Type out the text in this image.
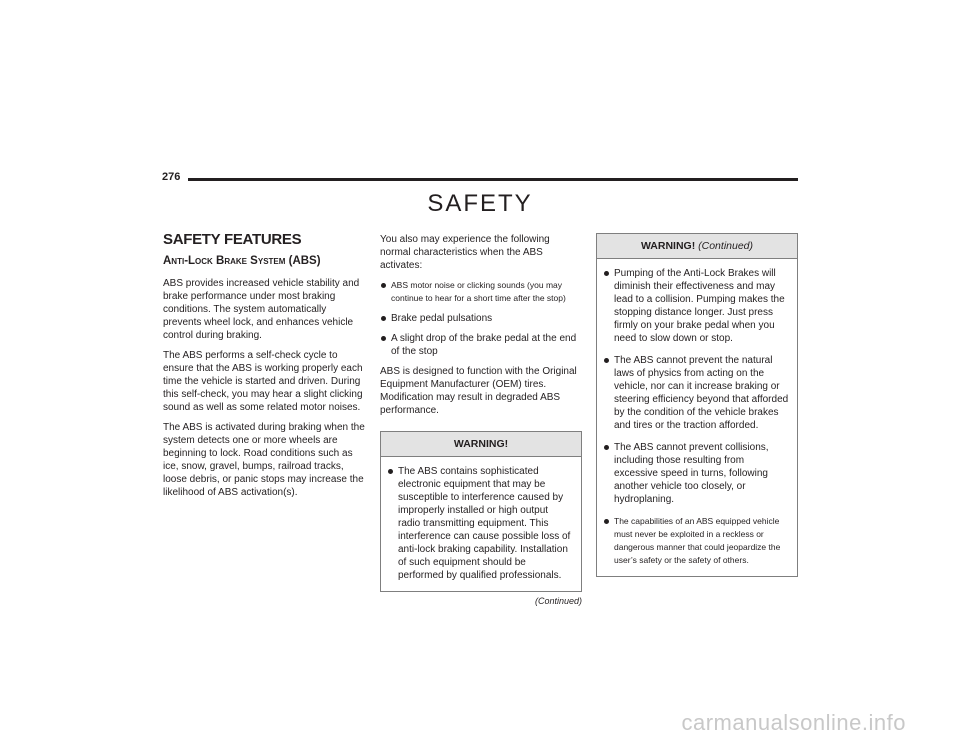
276
SAFETY
SAFETY FEATURES
Anti-Lock Brake System (ABS)

ABS provides increased vehicle stability and brake performance under most braking conditions. The system automatically prevents wheel lock, and enhances vehicle control during braking.

The ABS performs a self-check cycle to ensure that the ABS is working properly each time the vehicle is started and driven. During this self-check, you may hear a slight clicking sound as well as some related motor noises.

The ABS is activated during braking when the system detects one or more wheels are beginning to lock. Road conditions such as ice, snow, gravel, bumps, railroad tracks, loose debris, or panic stops may increase the likelihood of ABS activation(s).

You also may experience the following normal characteristics when the ABS activates:

ABS motor noise or clicking sounds (you may continue to hear for a short time after the stop)
Brake pedal pulsations
A slight drop of the brake pedal at the end of the stop

ABS is designed to function with the Original Equipment Manufacturer (OEM) tires. Modification may result in degraded ABS performance.

WARNING!
The ABS contains sophisticated electronic equipment that may be susceptible to interference caused by improperly installed or high output radio transmitting equipment. This interference can cause possible loss of anti-lock braking capability. Installation of such equipment should be performed by qualified professionals.
(Continued)
WARNING! (Continued)
Pumping of the Anti-Lock Brakes will diminish their effectiveness and may lead to a collision. Pumping makes the stopping distance longer. Just press firmly on your brake pedal when you need to slow down or stop.
The ABS cannot prevent the natural laws of physics from acting on the vehicle, nor can it increase braking or steering efficiency beyond that afforded by the condition of the vehicle brakes and tires or the traction afforded.
The ABS cannot prevent collisions, including those resulting from excessive speed in turns, following another vehicle too closely, or hydroplaning.
The capabilities of an ABS equipped vehicle must never be exploited in a reckless or dangerous manner that could jeopardize the user’s safety or the safety of others.
carmanualsonline.info
